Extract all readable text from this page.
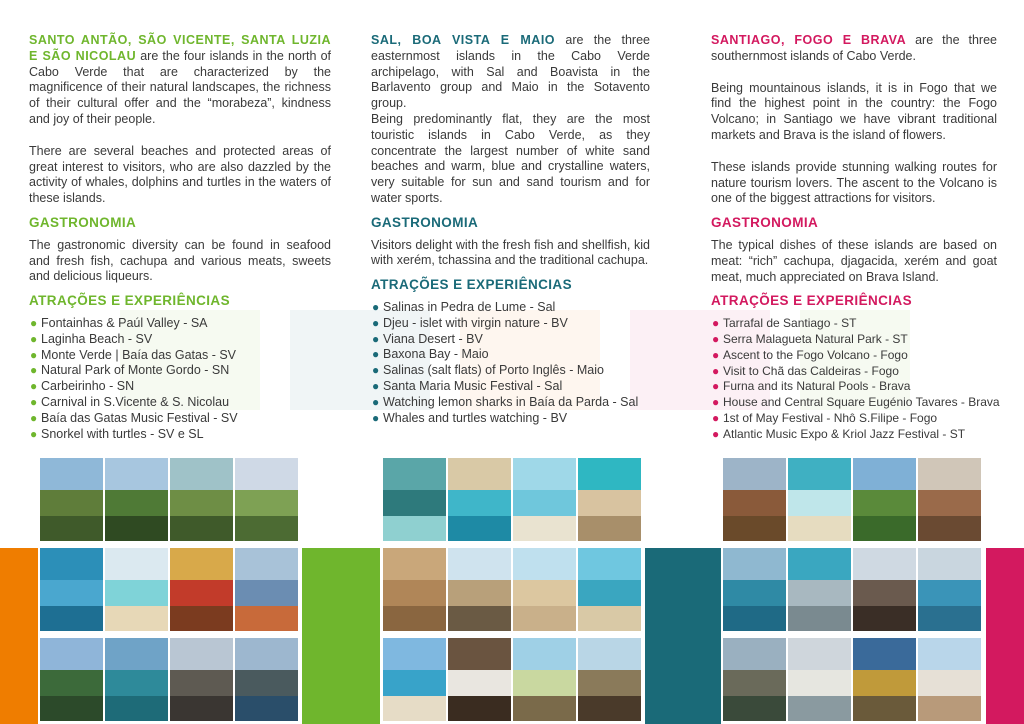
SANTO ANTÃO, SÃO VICENTE, SANTA LUZIA E SÃO NICOLAU are the four islands in the north of Cabo Verde that are characterized by the magnificence of their natural landscapes, the richness of their cultural offer and the “morabeza”, kindness and joy of their people.

There are several beaches and protected areas of great interest to visitors, who are also dazzled by the activity of whales, dolphins and turtles in the waters of these islands.

GASTRONOMIA

The gastronomic diversity can be found in seafood and fresh fish, cachupa and various meats, sweets and delicious liqueurs.

ATRAÇÕES E EXPERIÊNCIAS
● Fontainhas & Paúl Valley - SA
● Laginha Beach - SV
● Monte Verde | Baía das Gatas - SV
● Natural Park of Monte Gordo - SN
● Carbeirinho - SN
● Carnival in S.Vicente & S. Nicolau
● Baía das Gatas Music Festival - SV
● Snorkel with turtles - SV e SL

SAL, BOA VISTA E MAIO are the three easternmost islands in the Cabo Verde archipelago, with Sal and Boavista in the Barlavento group and Maio in the Sotavento group.

Being predominantly flat, they are the most touristic islands in Cabo Verde, as they concentrate the largest number of white sand beaches and warm, blue and crystalline waters, very suitable for sun and sand tourism and for water sports.

GASTRONOMIA

Visitors delight with the fresh fish and shellfish, kid with xerém, tchassina and the traditional cachupa.

ATRAÇÕES E EXPERIÊNCIAS
● Salinas in Pedra de Lume - Sal
● Djeu - islet with virgin nature - BV
● Viana Desert - BV
● Baxona Bay - Maio
● Salinas (salt flats) of Porto Inglês - Maio
● Santa Maria Music Festival - Sal
● Watching lemon sharks in Baía da Parda - Sal
● Whales and turtles watching - BV

SANTIAGO, FOGO E BRAVA are the three southernmost islands of Cabo Verde.

Being mountainous islands, it is in Fogo that we find the highest point in the country: the Fogo Volcano; in Santiago we have vibrant traditional markets and Brava is the island of flowers.

These islands provide stunning walking routes for nature tourism lovers. The ascent to the Volcano is one of the biggest attractions for visitors.

GASTRONOMIA

The typical dishes of these islands are based on meat: “rich” cachupa, djagacida, xerém and goat meat, much appreciated on Brava Island.

ATRAÇÕES E EXPERIÊNCIAS
● Tarrafal de Santiago - ST
● Serra Malagueta Natural Park - ST
● Ascent to the Fogo Volcano - Fogo
● Visit to Chã das Caldeiras - Fogo
● Furna and its Natural Pools - Brava
● House and Central Square Eugénio Tavares - Brava
● 1st of May Festival - Nhô S.Filipe - Fogo
● Atlantic Music Expo & Kriol Jazz Festival - ST
